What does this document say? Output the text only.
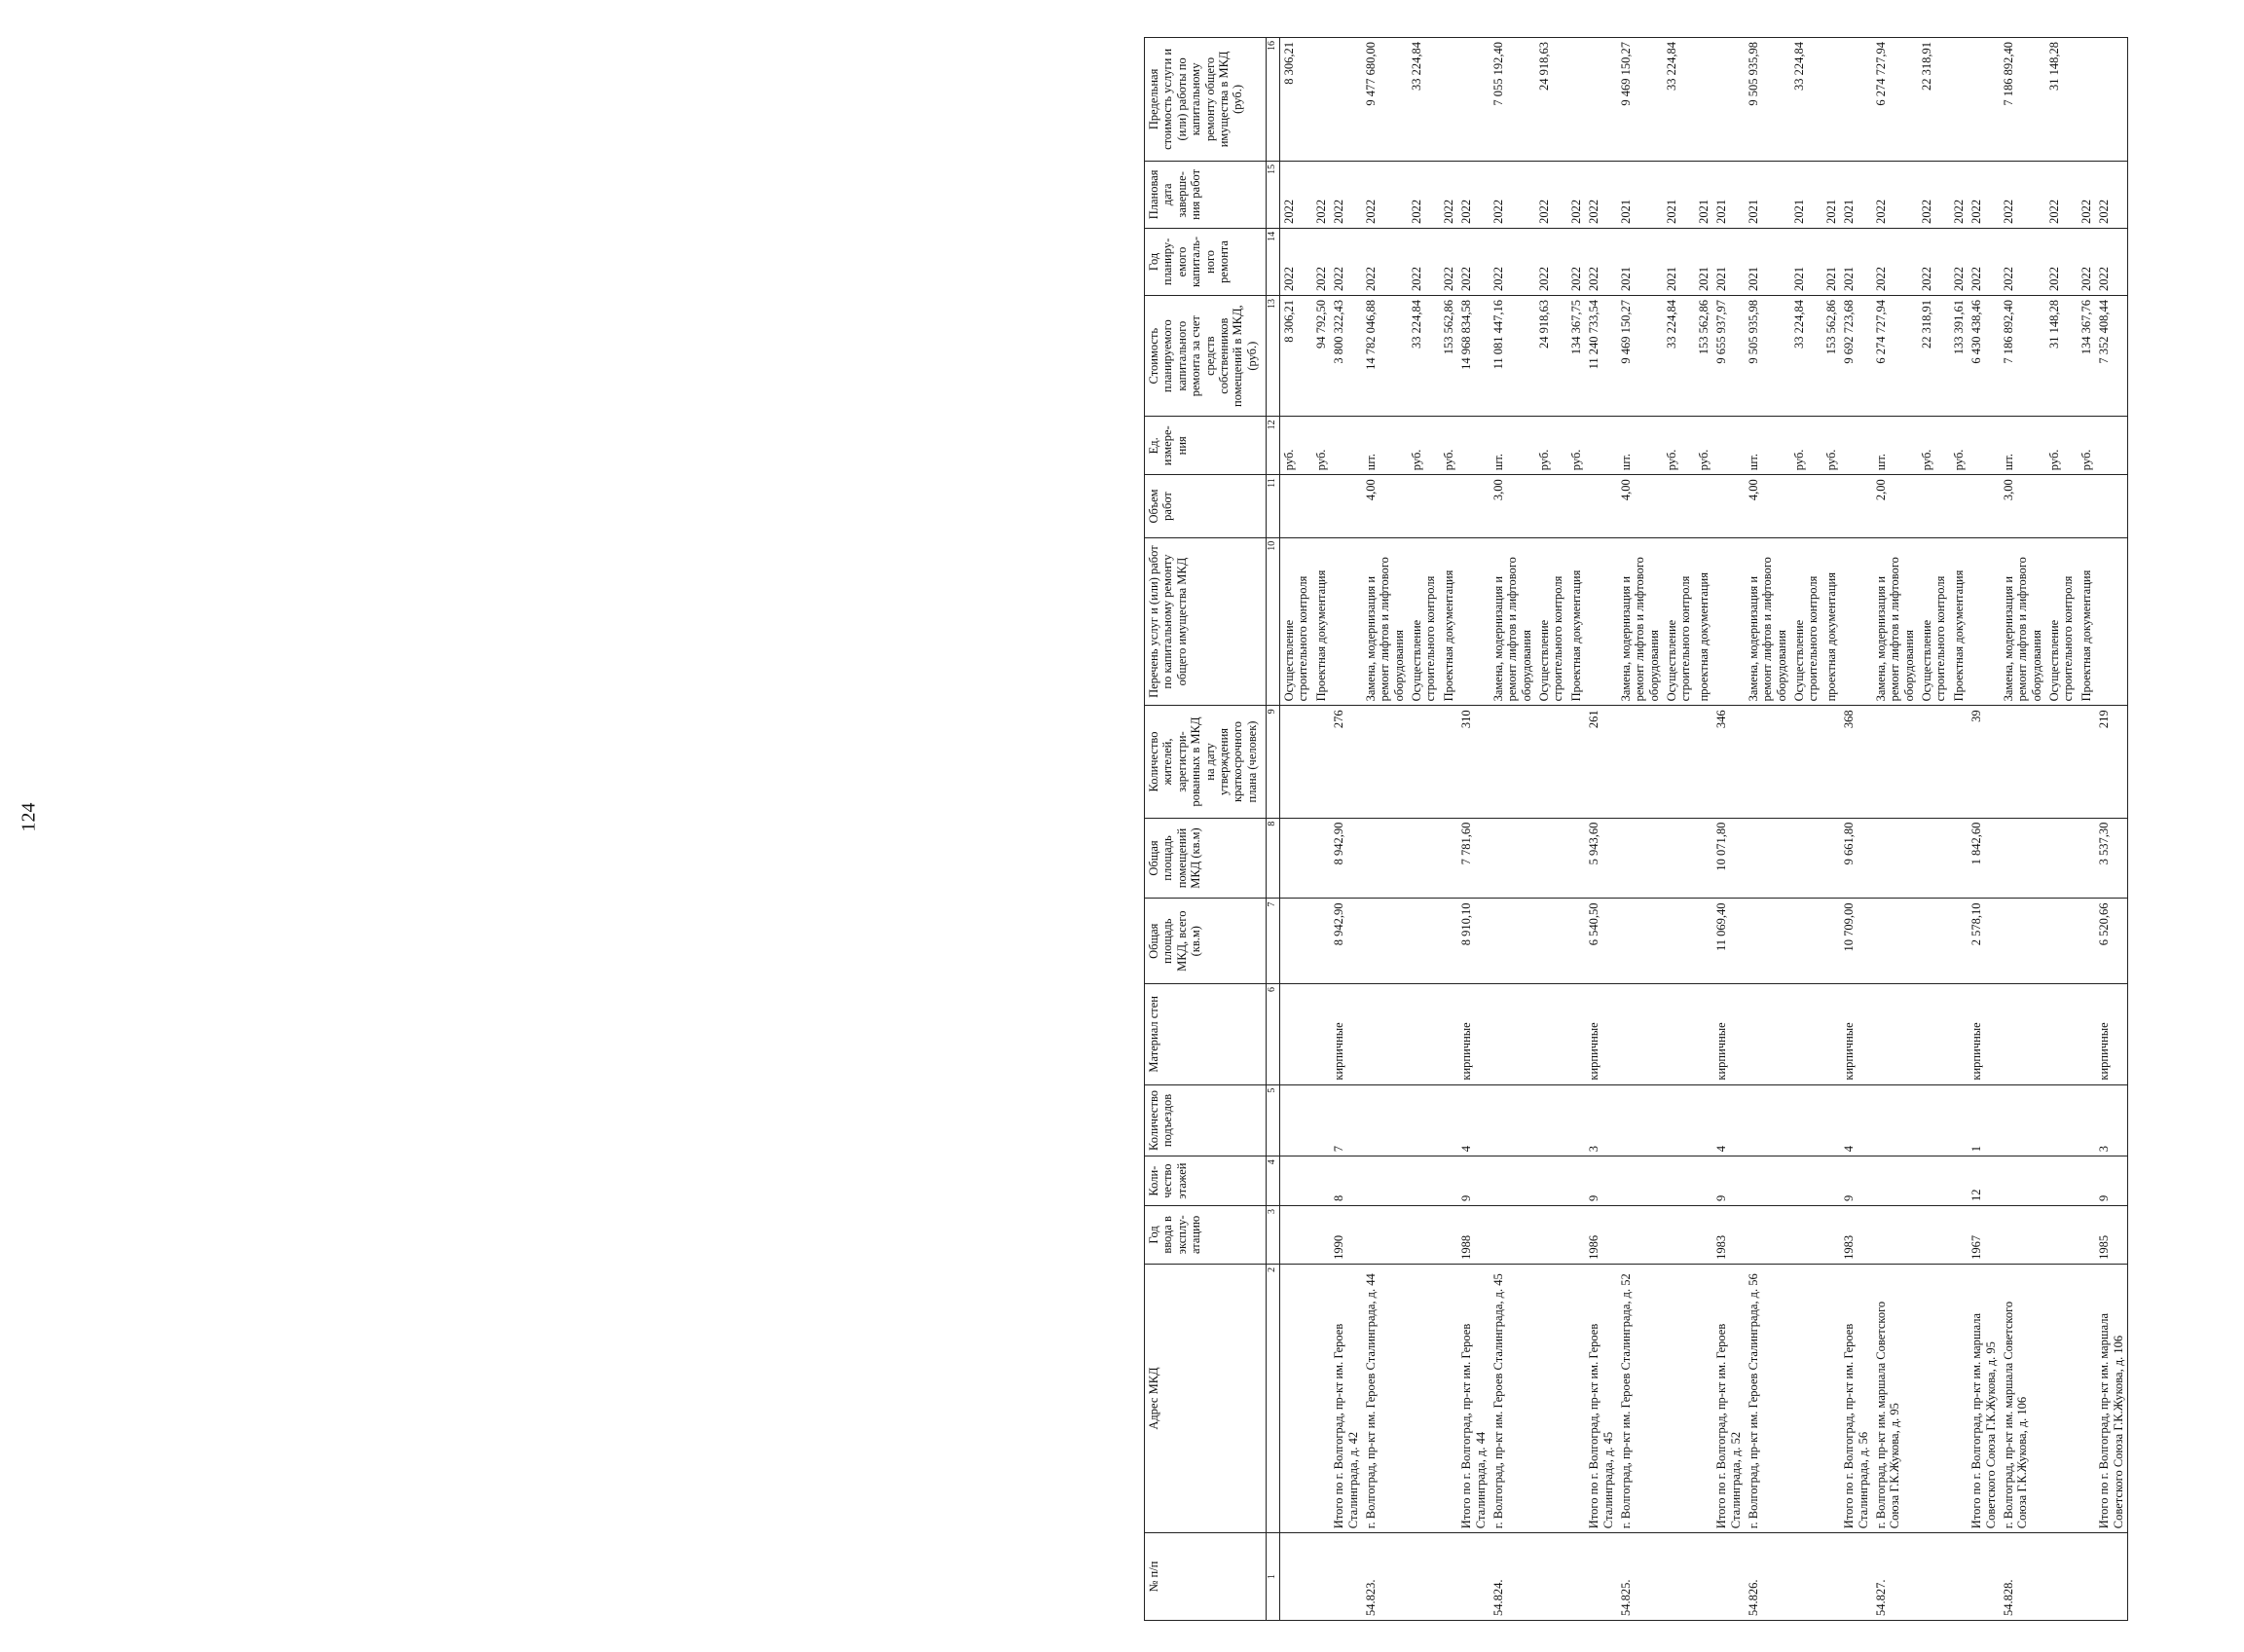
124
№ п/п	Адрес МКД	Год ввода в эксплу-атацию	Коли-чество этажей	Количество подъездов	Материал стен	Общая площадь МКД, всего (кв.м)	Общая площадь помещений МКД (кв.м)	Количество жителей, зарегистри-рованных в МКД на дату утверждения краткосрочного плана (человек)	Перечень услуг и (или) работ по капитальному ремонту общего имущества МКД	Объем работ	Ед. измере-ния	Стоимость планируемого капитального ремонта за счет средств собственников помещений в МКД, (руб.)	Год планиру-емого капиталь-ного ремонта	Плановая дата заверше-ния работ	Предельная стоимость услуги и (или) работы по капитальному ремонту общего имущества в МКД (руб.)
1	2	3	4	5	6	7	8	9	10	11	12	13	14	15	16
									Осуществление строительного контроля		руб.	8 306,21	2022	2022	8 306,21
									Проектная документация		руб.	94 792,50	2022	2022	
	Итого по г. Волгоград, пр-кт им. Героев Сталинграда, д. 42	1990	8	7	кирпичные	8 942,90	8 942,90	276				3 800 322,43	2022	2022	
54.823.	г. Волгоград, пр-кт им. Героев Сталинграда, д. 44								Замена, модернизация и ремонт лифтов и лифтового оборудования	4,00	шт.	14 782 046,88	2022	2022	9 477 680,00
									Осуществление строительного контроля		руб.	33 224,84	2022	2022	33 224,84
									Проектная документация		руб.	153 562,86	2022	2022	
	Итого по г. Волгоград, пр-кт им. Героев Сталинграда, д. 44	1988	9	4	кирпичные	8 910,10	7 781,60	310				14 968 834,58	2022	2022	
54.824.	г. Волгоград, пр-кт им. Героев Сталинграда, д. 45								Замена, модернизация и ремонт лифтов и лифтового оборудования	3,00	шт.	11 081 447,16	2022	2022	7 055 192,40
									Осуществление строительного контроля		руб.	24 918,63	2022	2022	24 918,63
									Проектная документация		руб.	134 367,75	2022	2022	
	Итого по г. Волгоград, пр-кт им. Героев Сталинграда, д. 45	1986	9	3	кирпичные	6 540,50	5 943,60	261				11 240 733,54	2022	2022	
54.825.	г. Волгоград, пр-кт им. Героев Сталинграда, д. 52								Замена, модернизация и ремонт лифтов и лифтового оборудования	4,00	шт.	9 469 150,27	2021	2021	9 469 150,27
									Осуществление строительного контроля		руб.	33 224,84	2021	2021	33 224,84
									проектная документация		руб.	153 562,86	2021	2021	
	Итого по г. Волгоград, пр-кт им. Героев Сталинграда, д. 52	1983	9	4	кирпичные	11 069,40	10 071,80	346				9 655 937,97	2021	2021	
54.826.	г. Волгоград, пр-кт им. Героев Сталинграда, д. 56								Замена, модернизация и ремонт лифтов и лифтового оборудования	4,00	шт.	9 505 935,98	2021	2021	9 505 935,98
									Осуществление строительного контроля		руб.	33 224,84	2021	2021	33 224,84
									проектная документация		руб.	153 562,86	2021	2021	
	Итого по г. Волгоград, пр-кт им. Героев Сталинграда, д. 56	1983	9	4	кирпичные	10 709,00	9 661,80	368				9 692 723,68	2021	2021	
54.827.	г. Волгоград, пр-кт им. маршала Советского Союза Г.К.Жукова, д. 95								Замена, модернизация и ремонт лифтов и лифтового оборудования	2,00	шт.	6 274 727,94	2022	2022	6 274 727,94
									Осуществление строительного контроля		руб.	22 318,91	2022	2022	22 318,91
									Проектная документация		руб.	133 391,61	2022	2022	
	Итого по г. Волгоград, пр-кт им. маршала Советского Союза Г.К.Жукова, д. 95	1967	12	1	кирпичные	2 578,10	1 842,60	39				6 430 438,46	2022	2022	
54.828.	г. Волгоград, пр-кт им. маршала Советского Союза Г.К.Жукова, д. 106								Замена, модернизация и ремонт лифтов и лифтового оборудования	3,00	шт.	7 186 892,40	2022	2022	7 186 892,40
									Осуществление строительного контроля		руб.	31 148,28	2022	2022	31 148,28
									Проектная документация		руб.	134 367,76	2022	2022	
	Итого по г. Волгоград, пр-кт им. маршала Советского Союза Г.К.Жукова, д. 106	1985	9	3	кирпичные	6 520,66	3 537,30	219				7 352 408,44	2022	2022	
